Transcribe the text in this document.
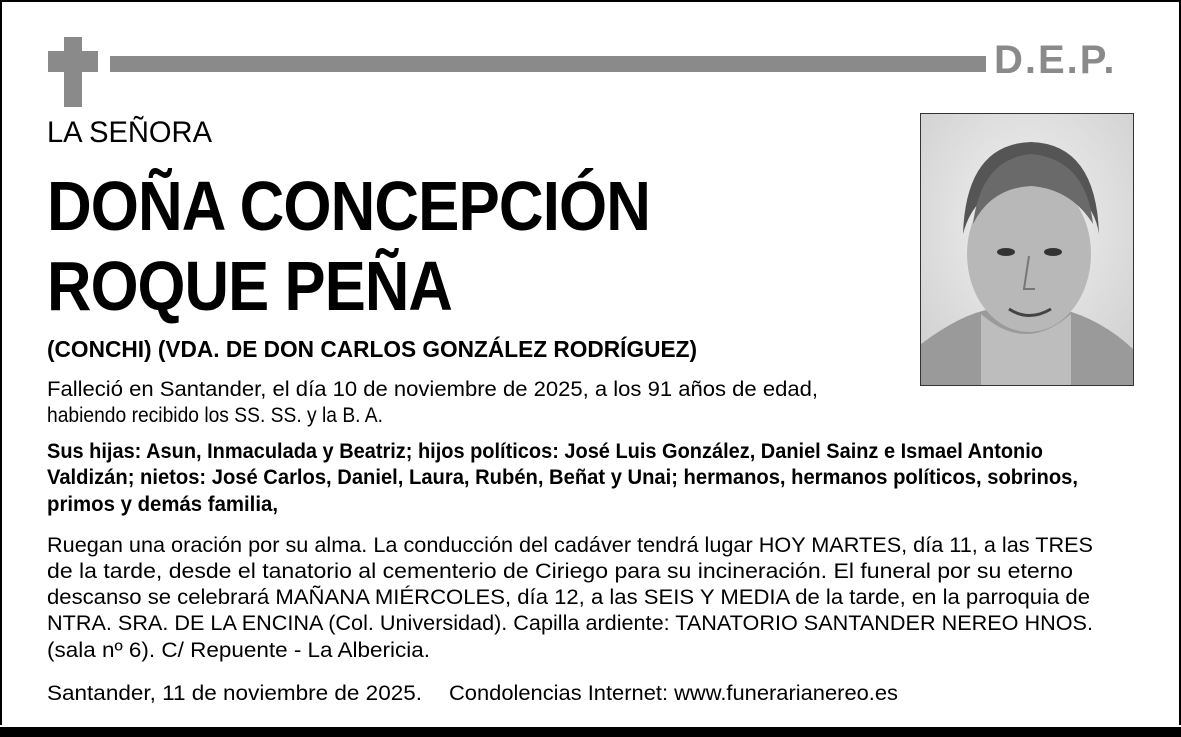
D.E.P.
LA SEÑORA
DOÑA CONCEPCIÓN
ROQUE PEÑA
(CONCHI) (VDA. DE DON CARLOS GONZÁLEZ RODRÍGUEZ)
Falleció en Santander, el día 10 de noviembre de 2025, a los 91 años de edad,
habiendo recibido los SS. SS. y la B. A.
Sus hijas: Asun, Inmaculada y Beatriz; hijos políticos: José Luis González, Daniel Sainz e Ismael Antonio
Valdizán; nietos: José Carlos, Daniel, Laura, Rubén, Beñat y Unai; hermanos, hermanos políticos, sobrinos,
primos y demás familia,
Ruegan una oración por su alma. La conducción del cadáver tendrá lugar HOY MARTES, día 11, a las TRES
de la tarde, desde el tanatorio al cementerio de Ciriego para su incineración. El funeral por su eterno
descanso se celebrará MAÑANA MIÉRCOLES, día 12, a las SEIS Y MEDIA de la tarde, en la parroquia de
NTRA. SRA. DE LA ENCINA (Col. Universidad). Capilla ardiente: TANATORIO SANTANDER NEREO HNOS.
(sala nº 6). C/ Repuente - La Albericia.
Santander, 11 de noviembre de 2025. Condolencias Internet: www.funerarianereo.es
